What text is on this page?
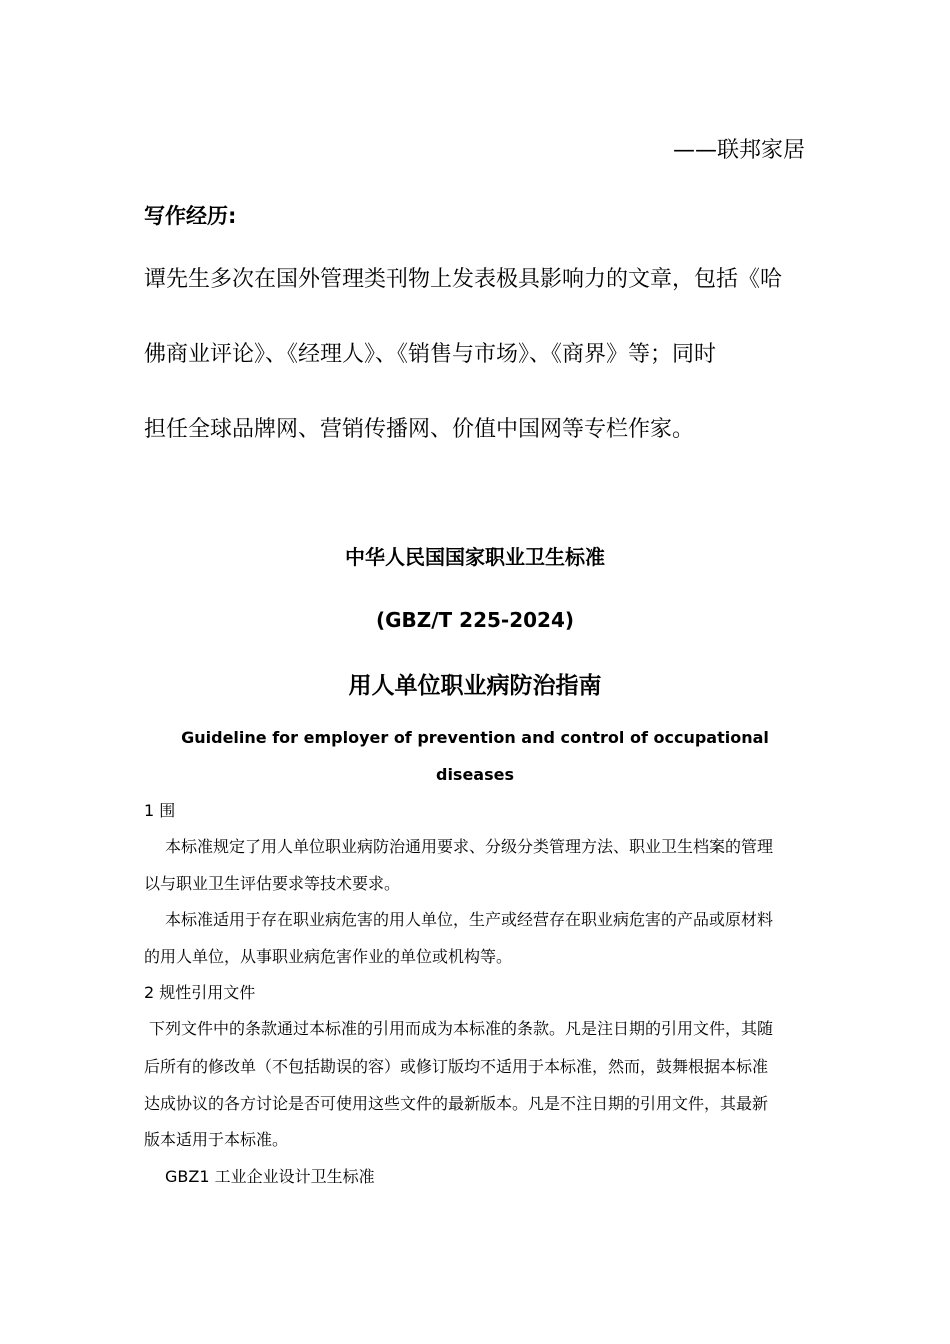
——联邦家居
写作经历:
谭先生多次在国外管理类刊物上发表极具影响力的文章，包括《哈
佛商业评论》、《经理人》、《销售与市场》、《商界》等；同时
担任全球品牌网、营销传播网、价值中国网等专栏作家。
中华人民国国家职业卫生标准
(GBZ/T 225-2024)
用人单位职业病防治指南
Guideline for employer of prevention and control of occupational
diseases
1 围
本标准规定了用人单位职业病防治通用要求、分级分类管理方法、职业卫生档案的管理
以与职业卫生评估要求等技术要求。
本标准适用于存在职业病危害的用人单位，生产或经营存在职业病危害的产品或原材料
的用人单位，从事职业病危害作业的单位或机构等。
2 规性引用文件
下列文件中的条款通过本标准的引用而成为本标准的条款。凡是注日期的引用文件，其随
后所有的修改单（不包括勘误的容）或修订版均不适用于本标准，然而，鼓舞根据本标准
达成协议的各方讨论是否可使用这些文件的最新版本。凡是不注日期的引用文件，其最新
版本适用于本标准。
GBZ1 工业企业设计卫生标准
